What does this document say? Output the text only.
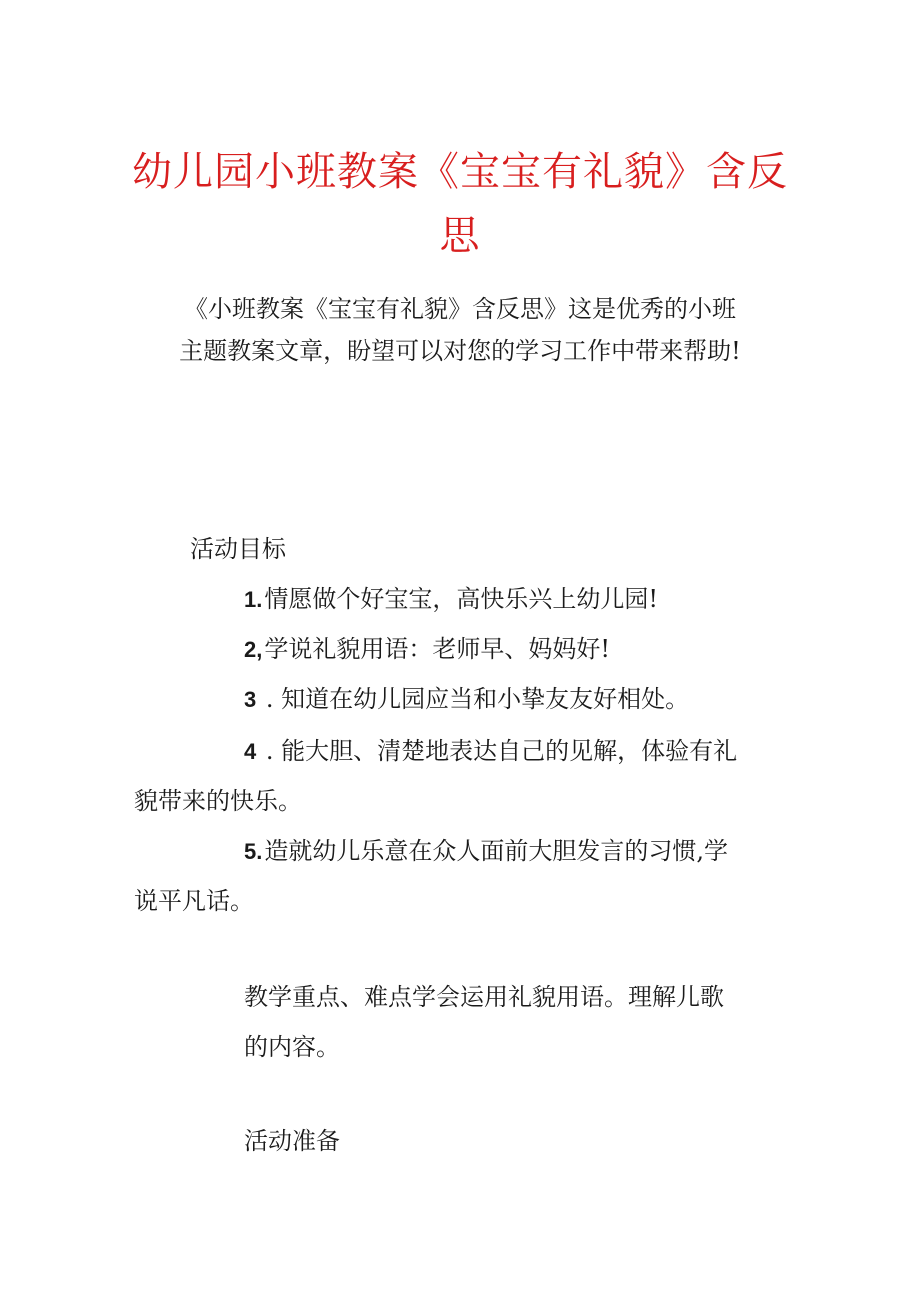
幼儿园小班教案《宝宝有礼貌》含反
思
《小班教案《宝宝有礼貌》含反思》这是优秀的小班
主题教案文章，盼望可以对您的学习工作中带来帮助!
活动目标
1.情愿做个好宝宝，高快乐兴上幼儿园!
2,学说礼貌用语：老师早、妈妈好!
3 . 知道在幼儿园应当和小挚友友好相处。
4 . 能大胆、清楚地表达自己的见解，体验有礼
貌带来的快乐。
5.造就幼儿乐意在众人面前大胆发言的习惯,学
说平凡话。
教学重点、难点学会运用礼貌用语。理解儿歌
的内容。
活动准备
